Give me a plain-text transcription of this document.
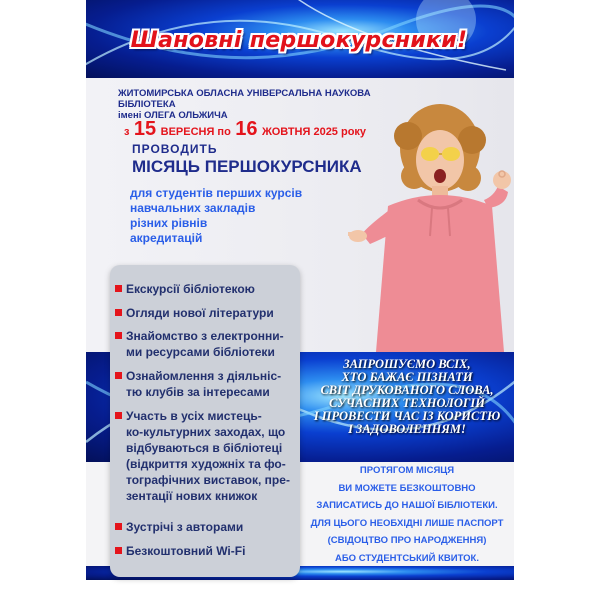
Шановні першокурсники!
ЖИТОМИРСЬКА ОБЛАСНА УНІВЕРСАЛЬНА НАУКОВА БІБЛІОТЕКА
імені ОЛЕГА ОЛЬЖИЧА
з 15 ВЕРЕСНЯ по 16 ЖОВТНЯ 2025 року
ПРОВОДИТЬ
МІСЯЦЬ ПЕРШОКУРСНИКА
для студентів перших курсів
навчальних закладів
різних рівнів
акредитацій
Екскурсії бібліотекою
Огляди нової літератури
Знайомство з електронни-
ми ресурсами бібліотеки
Ознайомлення з діяльніс-
тю клубів за інтересами
Участь в усіх мистець-
ко-культурних заходах, що
відбуваються в бібліотеці
(відкриття художніх та фо-
тографічних виставок, пре-
зентації нових книжок
Зустрічі з авторами
Безкоштовний Wi-Fi
ЗАПРОШУЄМО ВСІХ,
ХТО БАЖАЄ ПІЗНАТИ
СВІТ ДРУКОВАНОГО СЛОВА,
СУЧАСНИХ ТЕХНОЛОГІЙ
І ПРОВЕСТИ ЧАС ІЗ КОРИСТЮ
І ЗАДОВОЛЕННЯМ!
ПРОТЯГОМ МІСЯЦЯ
ВИ МОЖЕТЕ БЕЗКОШТОВНО
ЗАПИСАТИСЬ ДО НАШОЇ БІБЛІОТЕКИ.
ДЛЯ ЦЬОГО НЕОБХІДНІ ЛИШЕ ПАСПОРТ
(СВІДОЦТВО ПРО НАРОДЖЕННЯ)
АБО СТУДЕНТСЬКИЙ КВИТОК.
